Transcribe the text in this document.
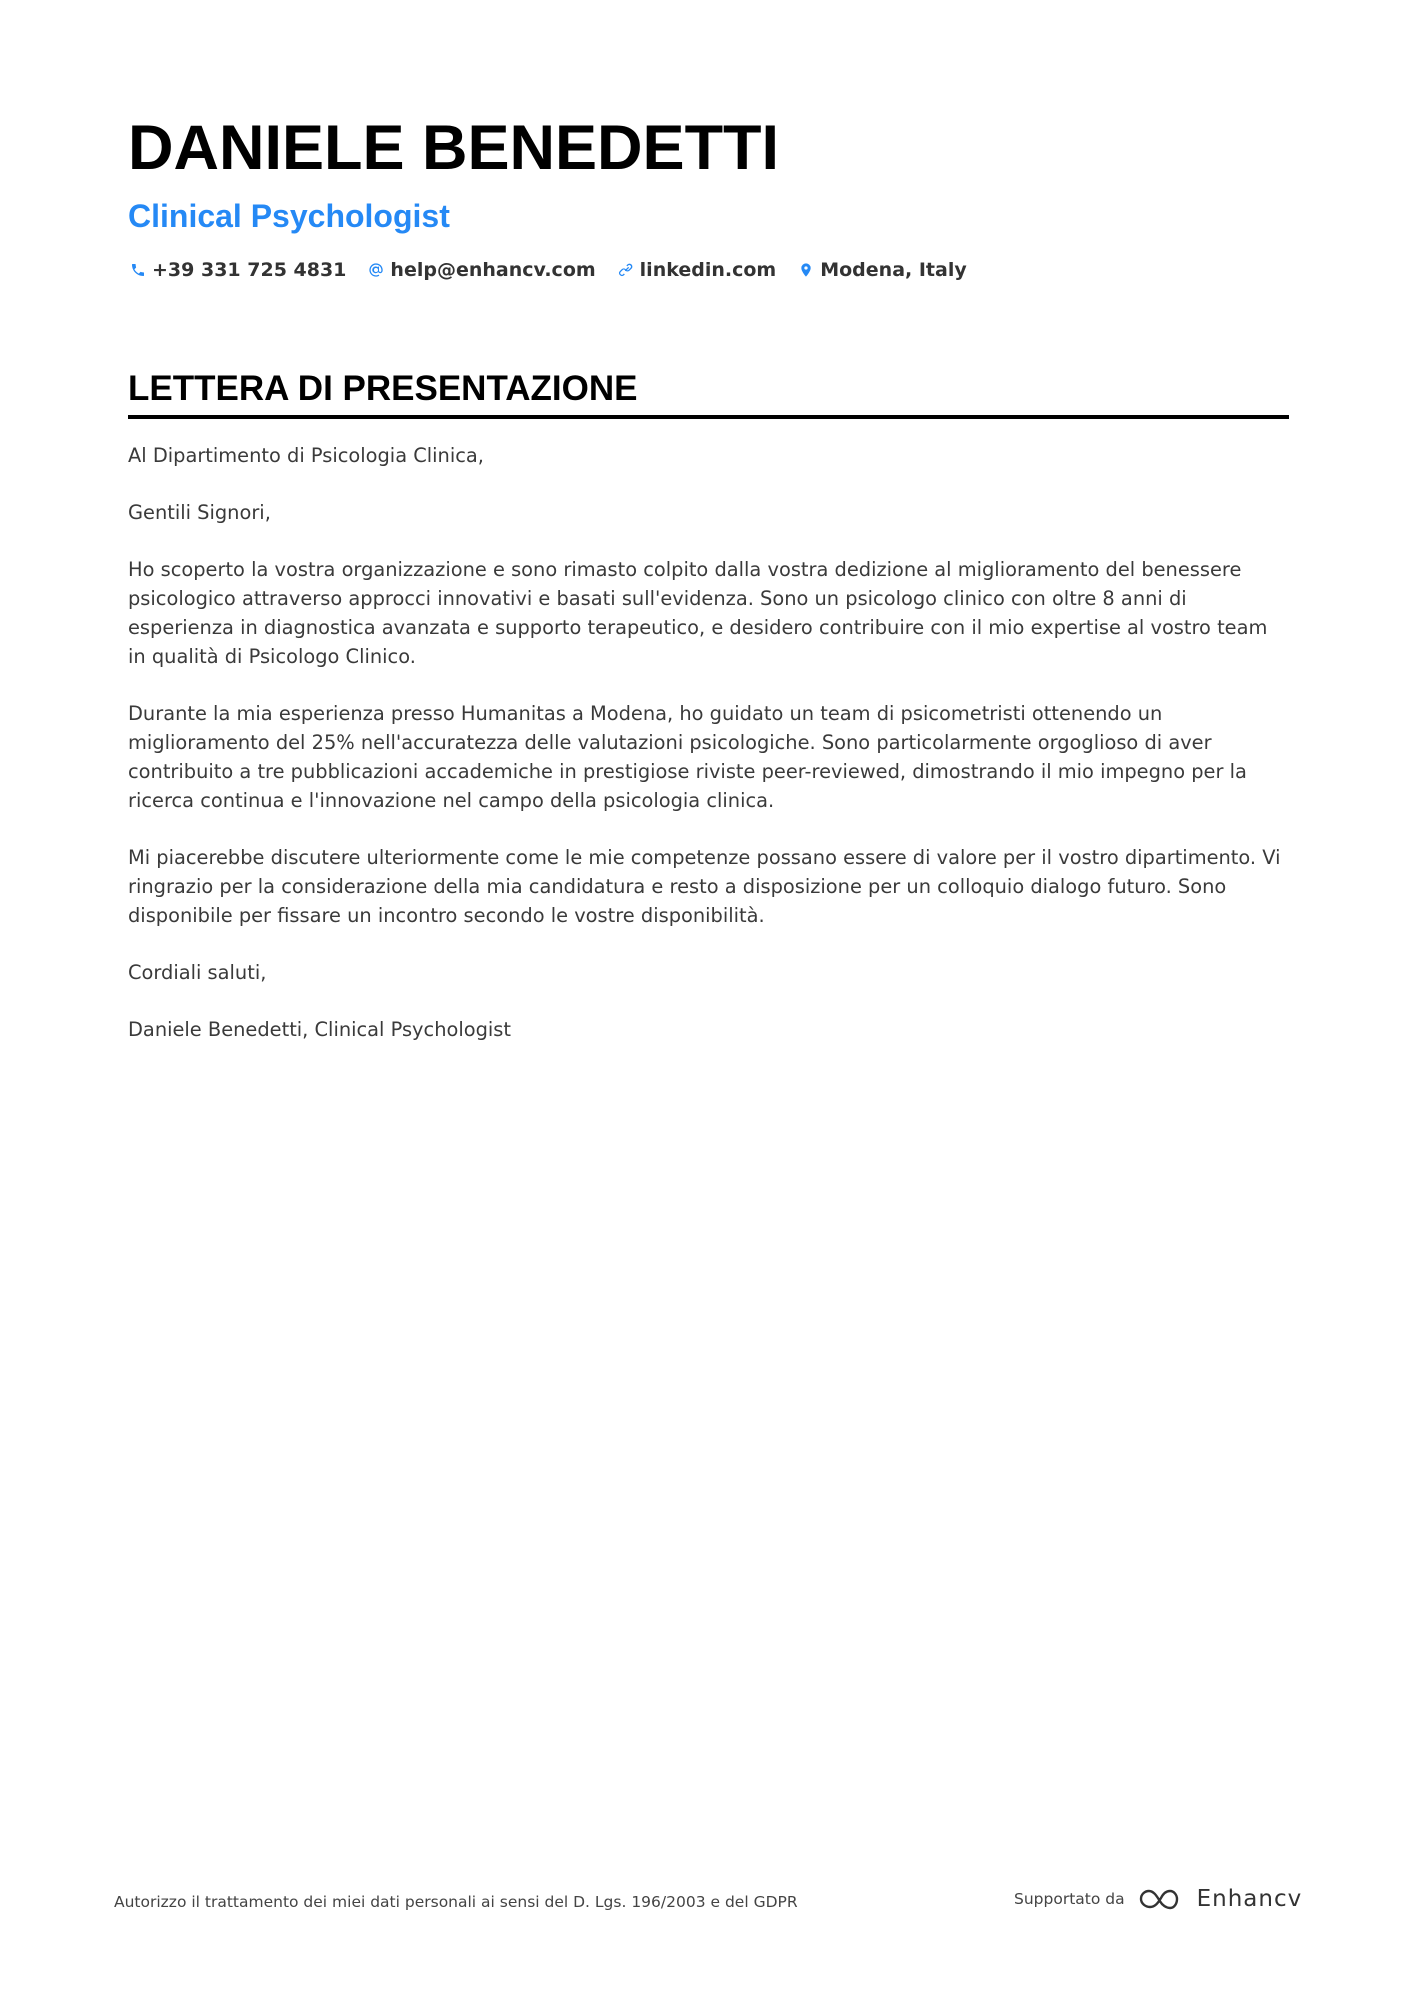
DANIELE BENEDETTI
Clinical Psychologist
+39 331 725 4831 help@enhancv.com linkedin.com Modena, Italy
LETTERA DI PRESENTAZIONE

Al Dipartimento di Psicologia Clinica,

Gentili Signori,

Ho scoperto la vostra organizzazione e sono rimasto colpito dalla vostra dedizione al miglioramento del benessere psicologico attraverso approcci innovativi e basati sull'evidenza. Sono un psicologo clinico con oltre 8 anni di esperienza in diagnostica avanzata e supporto terapeutico, e desidero contribuire con il mio expertise al vostro team in qualità di Psicologo Clinico.

Durante la mia esperienza presso Humanitas a Modena, ho guidato un team di psicometristi ottenendo un miglioramento del 25% nell'accuratezza delle valutazioni psicologiche. Sono particolarmente orgoglioso di aver contribuito a tre pubblicazioni accademiche in prestigiose riviste peer-reviewed, dimostrando il mio impegno per la ricerca continua e l'innovazione nel campo della psicologia clinica.

Mi piacerebbe discutere ulteriormente come le mie competenze possano essere di valore per il vostro dipartimento. Vi ringrazio per la considerazione della mia candidatura e resto a disposizione per un colloquio dialogo futuro. Sono disponibile per fissare un incontro secondo le vostre disponibilità.

Cordiali saluti,

Daniele Benedetti, Clinical Psychologist

Autorizzo il trattamento dei miei dati personali ai sensi del D. Lgs. 196/2003 e del GDPR	Supportato da	Enhancv
